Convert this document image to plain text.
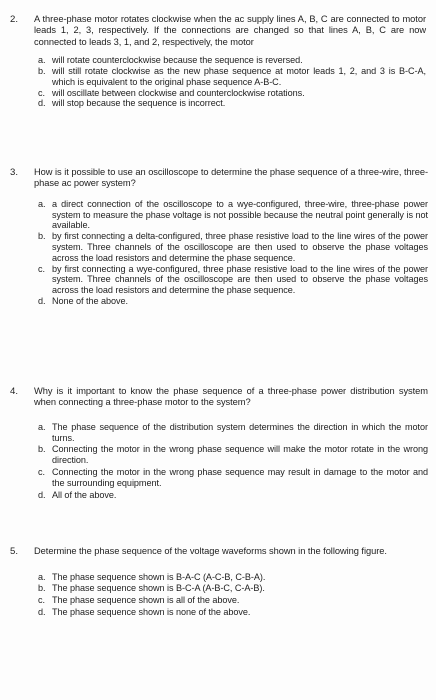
2.	A three-phase motor rotates clockwise when the ac supply lines A, B, C are connected to motor leads 1, 2, 3, respectively. If the connections are changed so that lines A, B, C are now connected to leads 3, 1, and 2, respectively, the motor
a. will rotate counterclockwise because the sequence is reversed.
b. will still rotate clockwise as the new phase sequence at motor leads 1, 2, and 3 is B-C-A, which is equivalent to the original phase sequence A-B-C.
c. will oscillate between clockwise and counterclockwise rotations.
d. will stop because the sequence is incorrect.
3.	How is it possible to use an oscilloscope to determine the phase sequence of a three-wire, three-phase ac power system?
a. a direct connection of the oscilloscope to a wye-configured, three-wire, three-phase power system to measure the phase voltage is not possible because the neutral point generally is not available.
b. by first connecting a delta-configured, three phase resistive load to the line wires of the power system. Three channels of the oscilloscope are then used to observe the phase voltages across the load resistors and determine the phase sequence.
c. by first connecting a wye-configured, three phase resistive load to the line wires of the power system. Three channels of the oscilloscope are then used to observe the phase voltages across the load resistors and determine the phase sequence.
d. None of the above.
4.	Why is it important to know the phase sequence of a three-phase power distribution system when connecting a three-phase motor to the system?
a. The phase sequence of the distribution system determines the direction in which the motor turns.
b. Connecting the motor in the wrong phase sequence will make the motor rotate in the wrong direction.
c. Connecting the motor in the wrong phase sequence may result in damage to the motor and the surrounding equipment.
d. All of the above.
5.	Determine the phase sequence of the voltage waveforms shown in the following figure.
a. The phase sequence shown is B-A-C (A-C-B, C-B-A).
b. The phase sequence shown is B-C-A (A-B-C, C-A-B).
c. The phase sequence shown is all of the above.
d. The phase sequence shown is none of the above.
